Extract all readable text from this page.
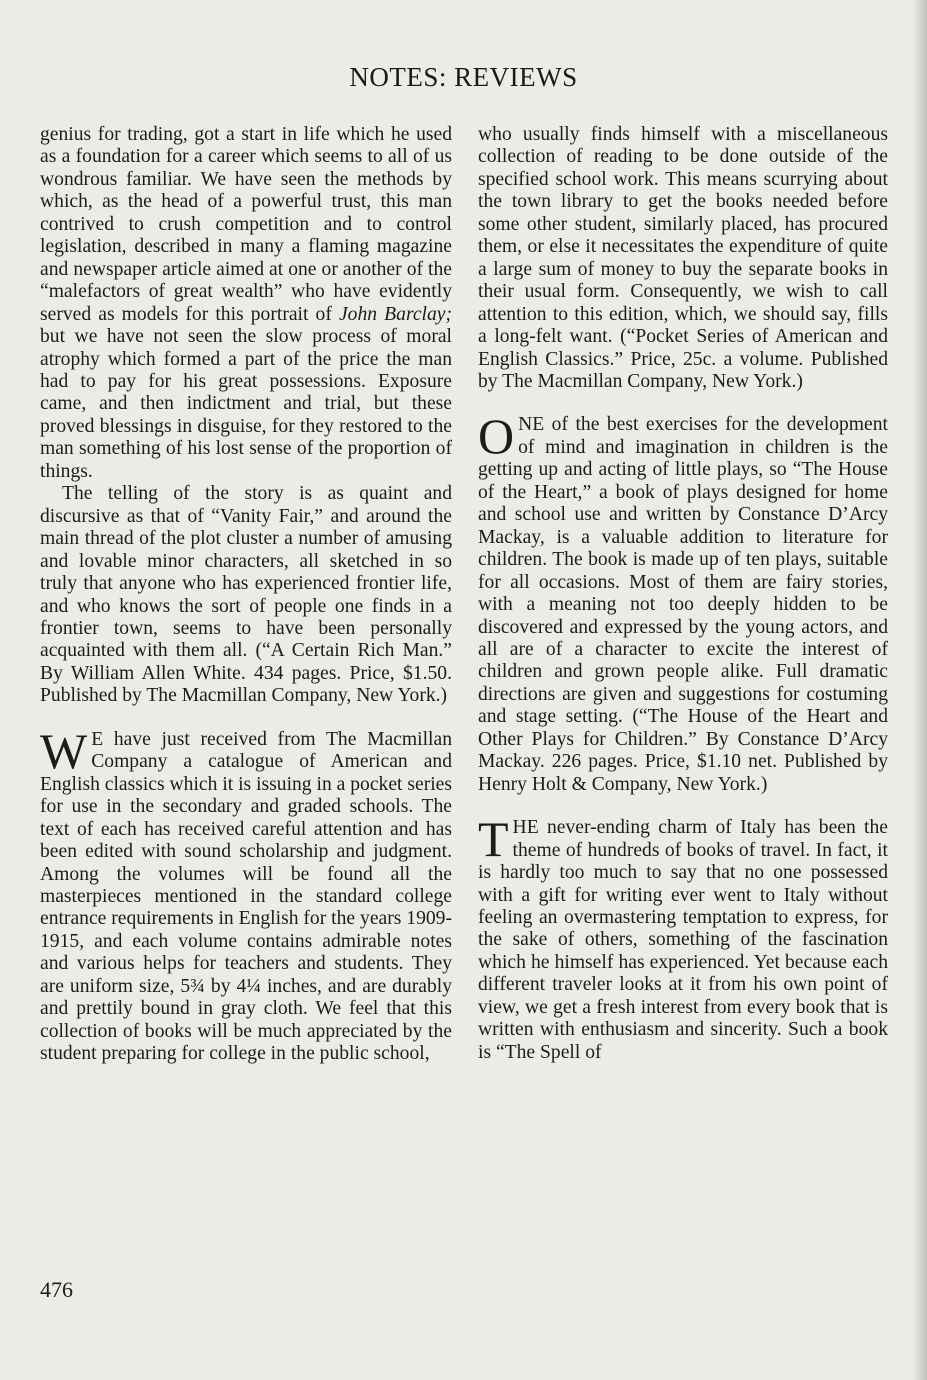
NOTES: REVIEWS

genius for trading, got a start in life which he used as a foundation for a career which seems to all of us wondrous familiar. We have seen the methods by which, as the head of a powerful trust, this man contrived to crush competition and to control legislation, described in many a flaming magazine and newspaper article aimed at one or another of the “malefactors of great wealth” who have evidently served as models for this portrait of John Barclay; but we have not seen the slow process of moral atrophy which formed a part of the price the man had to pay for his great possessions. Exposure came, and then indictment and trial, but these proved blessings in disguise, for they restored to the man something of his lost sense of the proportion of things.

The telling of the story is as quaint and discursive as that of “Vanity Fair,” and around the main thread of the plot cluster a number of amusing and lovable minor characters, all sketched in so truly that anyone who has experienced frontier life, and who knows the sort of people one finds in a frontier town, seems to have been personally acquainted with them all. (“A Certain Rich Man.” By William Allen White. 434 pages. Price, $1.50. Published by The Macmillan Company, New York.)

W E have just received from The Macmillan Company a catalogue of American and English classics which it is issuing in a pocket series for use in the secondary and graded schools. The text of each has received careful attention and has been edited with sound scholarship and judgment. Among the volumes will be found all the masterpieces mentioned in the standard college entrance requirements in English for the years 1909-1915, and each volume contains admirable notes and various helps for teachers and students. They are uniform size, 5¾ by 4¼ inches, and are durably and prettily bound in gray cloth. We feel that this collection of books will be much appreciated by the student preparing for college in the public school,

who usually finds himself with a miscellaneous collection of reading to be done outside of the specified school work. This means scurrying about the town library to get the books needed before some other student, similarly placed, has procured them, or else it necessitates the expenditure of quite a large sum of money to buy the separate books in their usual form. Consequently, we wish to call attention to this edition, which, we should say, fills a long-felt want. (“Pocket Series of American and English Classics.” Price, 25c. a volume. Published by The Macmillan Company, New York.)

ONE of the best exercises for the development of mind and imagination in children is the getting up and acting of little plays, so “The House of the Heart,” a book of plays designed for home and school use and written by Constance D’Arcy Mackay, is a valuable addition to literature for children. The book is made up of ten plays, suitable for all occasions. Most of them are fairy stories, with a meaning not too deeply hidden to be discovered and expressed by the young actors, and all are of a character to excite the interest of children and grown people alike. Full dramatic directions are given and suggestions for costuming and stage setting. (“The House of the Heart and Other Plays for Children.” By Constance D’Arcy Mackay. 226 pages. Price, $1.10 net. Published by Henry Holt & Company, New York.)

THE never-ending charm of Italy has been the theme of hundreds of books of travel. In fact, it is hardly too much to say that no one possessed with a gift for writing ever went to Italy without feeling an overmastering temptation to express, for the sake of others, something of the fascination which he himself has experienced. Yet because each different traveler looks at it from his own point of view, we get a fresh interest from every book that is written with enthusiasm and sincerity. Such a book is “The Spell of

476
